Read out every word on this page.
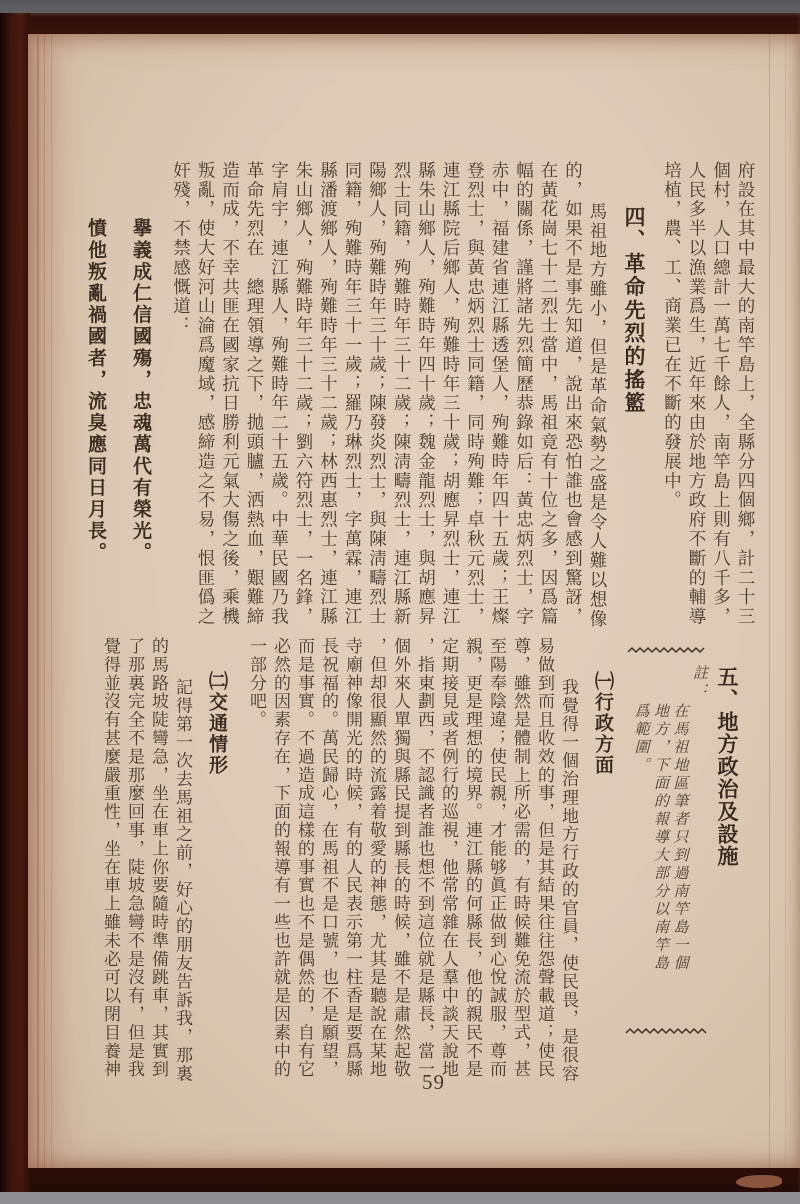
府設在其中最大的南竿島上，全縣分四個鄉，計二十三
個村，人口總計一萬七千餘人，南竿島上則有八千多，
人民多半以漁業爲生，近年來由於地方政府不斷的輔導
培植，農、工、商業已在不斷的發展中。
四、革命先烈的搖籃
馬祖地方雖小，但是革命氣勢之盛是令人難以想像
的，如果不是事先知道，說出來恐怕誰也會感到驚訝，
在黃花崗七十二烈士當中，馬祖竟有十位之多，因爲篇
幅的關係，謹將諸先烈簡歷恭錄如后：黃忠炳烈士，字
赤中，福建省連江縣透堡人，殉難時年四十五歲；王燦
登烈士，與黃忠炳烈士同籍，同時殉難；卓秋元烈士，
連江縣院后鄉人，殉難時年三十歲；胡應昇烈士，連江
縣朱山鄉人，殉難時年四十歲；魏金龍烈士，與胡應昇
烈士同籍，殉難時年三十二歲；陳淸疇烈士，連江縣新
陽鄉人，殉難時年三十歲；陳發炎烈士，與陳淸疇烈士
同籍，殉難時年三十一歲；羅乃琳烈士，字萬霖，連江
縣潘渡鄉人，殉難時年三十二歲；林西惠烈士，連江縣
朱山鄉人，殉難時年三十二歲；劉六符烈士，一名鋒，
字肩宇，連江縣人，殉難時年二十五歲。中華民國乃我
革命先烈在　總理領導之下，拋頭臚，洒熱血，艱難締
造而成，不幸共匪在國家抗日勝利元氣大傷之後，乘機
叛亂，使大好河山淪爲魔域，感締造之不易，恨匪僞之
奸殘，不禁感慨道：
擧義成仁信國殤，忠魂萬代有榮光。
憤他叛亂禍國者，流臭應同日月長。
五、地方政治及設施
註：
在馬祖地區筆者只到過南竿島一個
地方，下面的報導大部分以南竿島
爲範圍。
㈠行政方面
我覺得一個治理地方行政的官員，使民畏，是很容
易做到而且收效的事，但是其結果往往怨聲載道；使民
尊，雖然是體制上所必需的，有時候難免流於型式，甚
至陽奉陰違；使民親，才能够眞正做到心悅誠服，尊而
親，更是理想的境界。連江縣的何縣長，他的親民不是
定期接見或者例行的巡視，他常常雜在人羣中談天說地
，指東劃西，不認識者誰也想不到這位就是縣長，當一
個外來人單獨與縣民提到縣長的時候，雖不是肅然起敬
，但却很顯然的流露着敬愛的神態，尤其是聽說在某地
寺廟神像開光的時候，有的人民表示第一柱香是要爲縣
長祝福的。萬民歸心，在馬祖不是口號，也不是願望，
而是事實。不過造成這樣的事實也不是偶然的，自有它
必然的因素存在，下面的報導有一些也許就是因素中的
一部分吧。
㈡交通情形
記得第一次去馬祖之前，好心的朋友告訴我，那裏
的馬路坡陡彎急，坐在車上你要隨時準備跳車，其實到
了那裏完全不是那麼回事，陡坡急彎不是沒有，但是我
覺得並沒有甚麼嚴重性，坐在車上雖未必可以閉目養神
59
